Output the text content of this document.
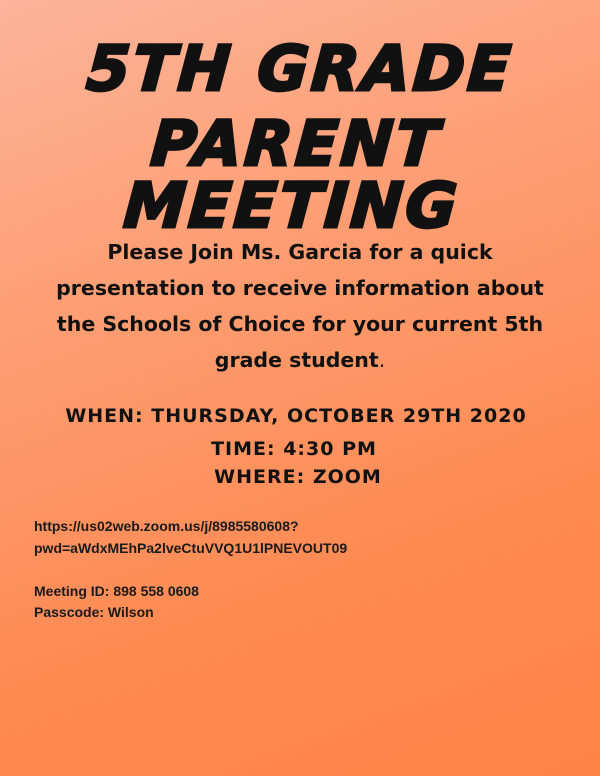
5TH GRADE
PARENT MEETING
Please Join Ms. Garcia for a quick
presentation to receive information about
the Schools of Choice for your current 5th
grade student.
WHEN: THURSDAY, OCTOBER 29TH 2020
TIME: 4:30 PM
WHERE: ZOOM
https://us02web.zoom.us/j/8985580608?
pwd=aWdxMEhPa2lveCtuVVQ1U1lPNEVOUT09
Meeting ID: 898 558 0608
Passcode: Wilson
